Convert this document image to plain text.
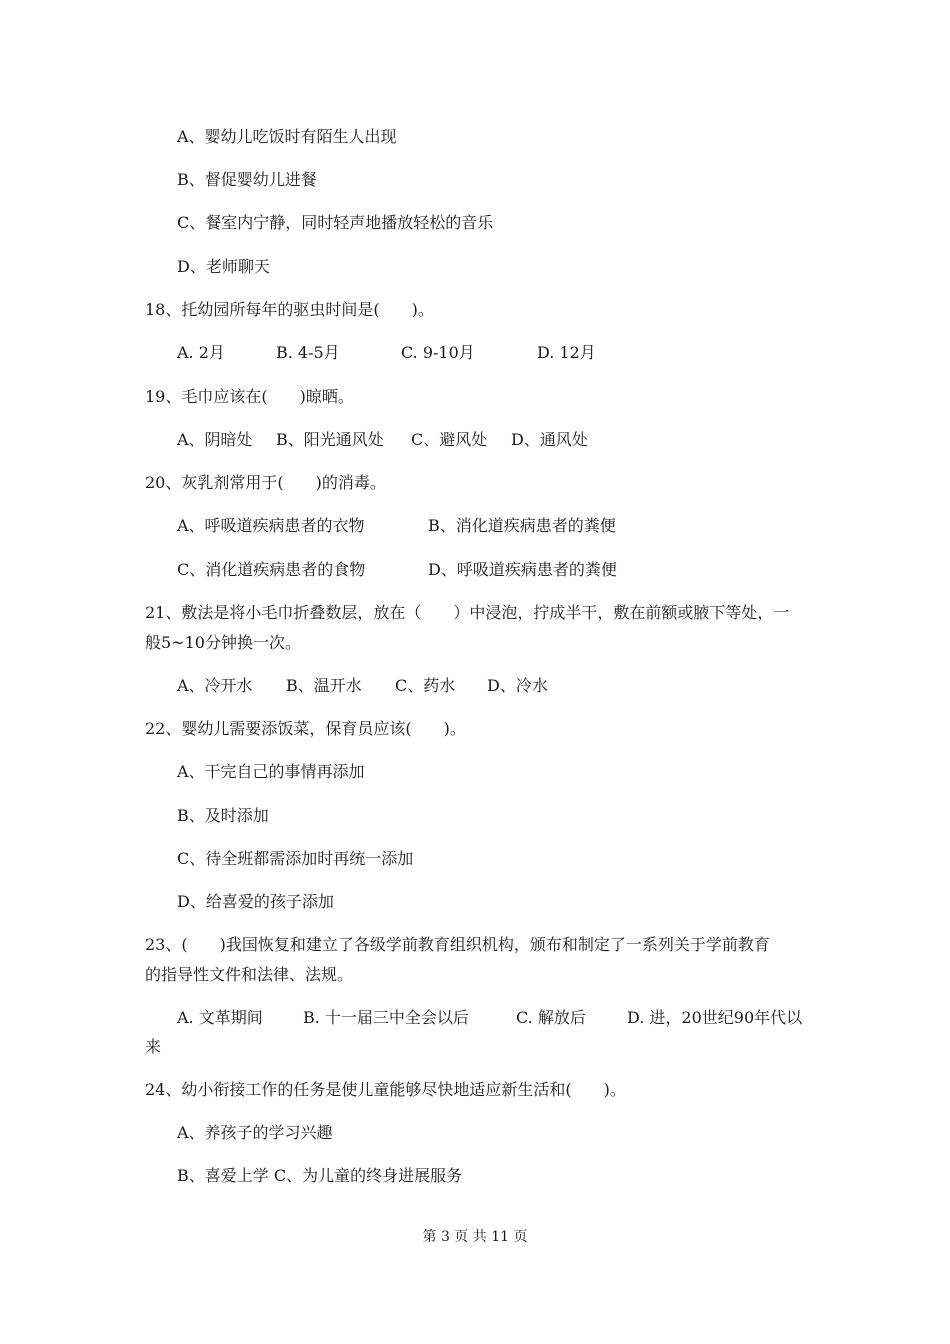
A、婴幼儿吃饭时有陌生人出现
B、督促婴幼儿进餐
C、餐室内宁静，同时轻声地播放轻松的音乐
D、老师聊天
18、托幼园所每年的驱虫时间是(　　)。
A. 2月	B. 4-5月	C. 9-10月	D. 12月
19、毛巾应该在(　　)晾晒。
A、阴暗处 B、阳光通风处 C、避风处 D、通风处
20、灰乳剂常用于(　　)的消毒。
A、呼吸道疾病患者的衣物	B、消化道疾病患者的粪便
C、消化道疾病患者的食物	D、呼吸道疾病患者的粪便
21、敷法是将小毛巾折叠数层，放在（　　）中浸泡，拧成半干，敷在前额或腋下等处，一
般5~10分钟换一次。
A、冷开水 B、温开水 C、药水 D、冷水
22、婴幼儿需要添饭菜，保育员应该(　　)。
A、干完自己的事情再添加
B、及时添加
C、待全班都需添加时再统一添加
D、给喜爱的孩子添加
23、(　　)我国恢复和建立了各级学前教育组织机构，颁布和制定了一系列关于学前教育
的指导性文件和法律、法规。
A. 文革期间	B. 十一届三中全会以后	C. 解放后	D. 进，20世纪90年代以
来
24、幼小衔接工作的任务是使儿童能够尽快地适应新生活和(　　)。
A、养孩子的学习兴趣
B、喜爱上学 C、为儿童的终身进展服务
第 3 页 共 11 页
